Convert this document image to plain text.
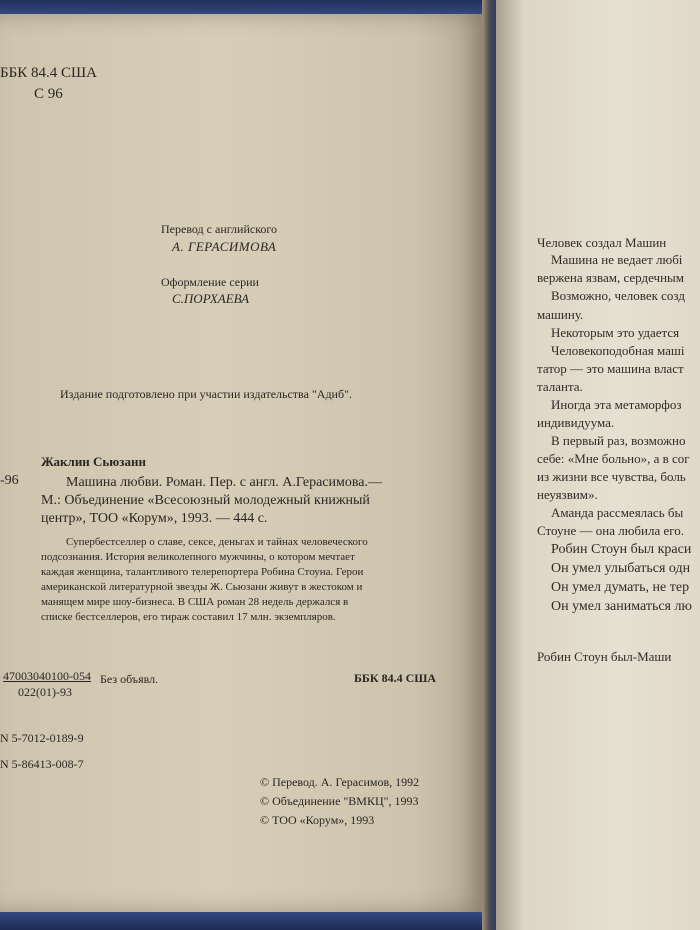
ББК 84.4 США
С 96
Перевод с английского
А. ГЕРАСИМОВА
Оформление серии
С.ПОРХАЕВА
Издание подготовлено при участии издательства "Адиб".
-96
Жаклин Сьюзанн
Машина любви. Роман. Пер. с англ. А.Герасимова.—
М.: Объединение «Всесоюзный молодежный книжный
центр», ТОО «Корум», 1993. — 444 с.
Супербестселлер о славе, сексе, деньгах и тайнах человеческого
подсознания. История великолепного мужчины, о котором мечтает
каждая женщина, талантливого телерепортера Робина Стоуна. Герои
американской литературной звезды Ж. Сьюзанн живут в жестоком и
манящем мире шоу-бизнеса. В США роман 28 недель держался в
списке бестселлеров, его тираж составил 17 млн. экземпляров.
47003040100-054
022(01)-93
Без объявл.	ББК 84.4 США
N 5-7012-0189-9
N 5-86413-008-7
© Перевод. А. Герасимов, 1992
© Объединение "ВМКЦ", 1993
© ТОО «Корум», 1993
Человек создал Машин
Машина не ведает любі
вержена язвам, сердечным
Возможно, человек созд
машину.
Некоторым это удается
Человекоподобная маші
татор — это машина власт
таланта.
Иногда эта метаморфоз
индивидуума.
В первый раз, возможно
себе: «Мне больно», а в сог
из жизни все чувства, боль
неуязвим».
Аманда рассмеялась бы
Стоуне — она любила его.
Робин Стоун был краси
Он умел улыбаться одн
Он умел думать, не тер
Он умел заниматься лю
Робин Стоун был-Маши
